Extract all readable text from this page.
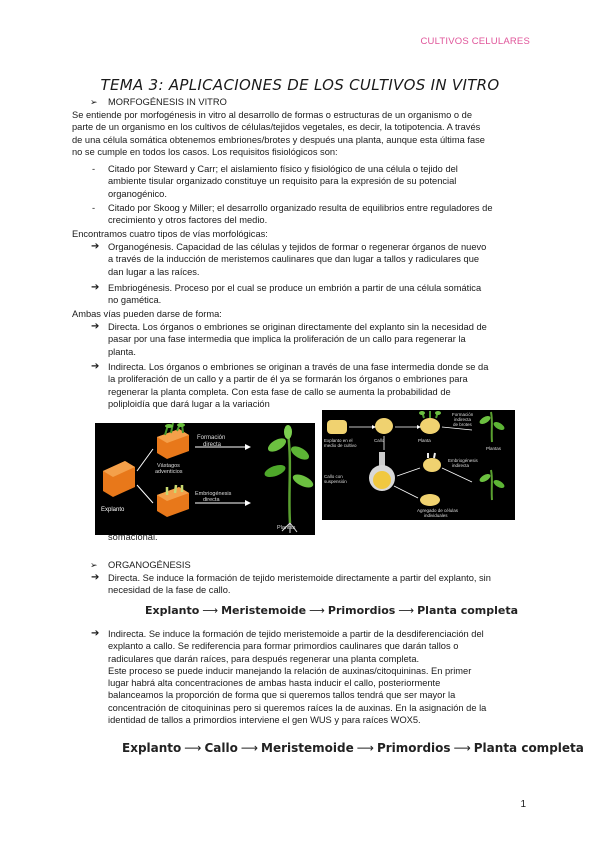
CULTIVOS CELULARES
TEMA 3: APLICACIONES DE LOS CULTIVOS IN VITRO
➢ MORFOGÉNESIS IN VITRO
Se entiende por morfogénesis in vitro al desarrollo de formas o estructuras de un organismo o de
parte de un organismo en los cultivos de células/tejidos vegetales, es decir, la totipotencia. A través
de una célula somática obtenemos embriones/brotes y después una planta, aunque esta última fase
no se cumple en todos los casos. Los requisitos fisiológicos son:
- Citado por Steward y Carr; el aislamiento físico y fisiológico de una célula o tejido del
ambiente tisular organizado constituye un requisito para la expresión de su potencial
organogénico.
- Citado por Skoog y Miller; el desarrollo organizado resulta de equilibrios entre reguladores de
crecimiento y otros factores del medio.
Encontramos cuatro tipos de vías morfológicas:
➔ Organogénesis. Capacidad de las células y tejidos de formar o regenerar órganos de nuevo
a través de la inducción de meristemos caulinares que dan lugar a tallos y radiculares que
dan lugar a las raíces.
➔ Embriogénesis. Proceso por el cual se produce un embrión a partir de una célula somática
no gamética.
Ambas vías pueden darse de forma:
➔ Directa. Los órganos o embriones se originan directamente del explanto sin la necesidad de
pasar por una fase intermedia que implica la proliferación de un callo para regenerar la
planta.
➔ Indirecta. Los órganos o embriones se originan a través de una fase intermedia donde se da
la proliferación de un callo y a partir de él ya se formarán los órganos o embriones para
regenerar la planta completa. Con esta fase de callo se aumenta la probabilidad de
poliploidía que dará lugar a la variación
Explanto
Formación
directa
Vástagos
adventicios
Embriogénesis
directa
Plantas
Explanto en el
medio de cultivo
Callo	Planta
Formación
indirecta
de brotes
Callo con
suspensión
Agregado de células
individuales
Embriogénesis
indirecta
Plantas
somaclonal.
➢ ORGANOGÉNESIS
➔ Directa. Se induce la formación de tejido meristemoide directamente a partir del explanto, sin
necesidad de la fase de callo.
Explanto ⟶ Meristemoide ⟶ Primordios ⟶ Planta completa
➔ Indirecta. Se induce la formación de tejido meristemoide a partir de la desdiferenciación del
explanto a callo. Se rediferencia para formar primordios caulinares que darán tallos o
radiculares que darán raíces, para después regenerar una planta completa.
Este proceso se puede inducir manejando la relación de auxinas/citoquininas. En primer
lugar habrá alta concentraciones de ambas hasta inducir el callo, posteriormente
balanceamos la proporción de forma que si queremos tallos tendrá que ser mayor la
concentración de citoquininas pero si queremos raíces la de auxinas. En la asignación de la
identidad de tallos a primordios interviene el gen WUS y para raíces WOX5.
Explanto ⟶ Callo ⟶ Meristemoide ⟶ Primordios ⟶ Planta completa
1
